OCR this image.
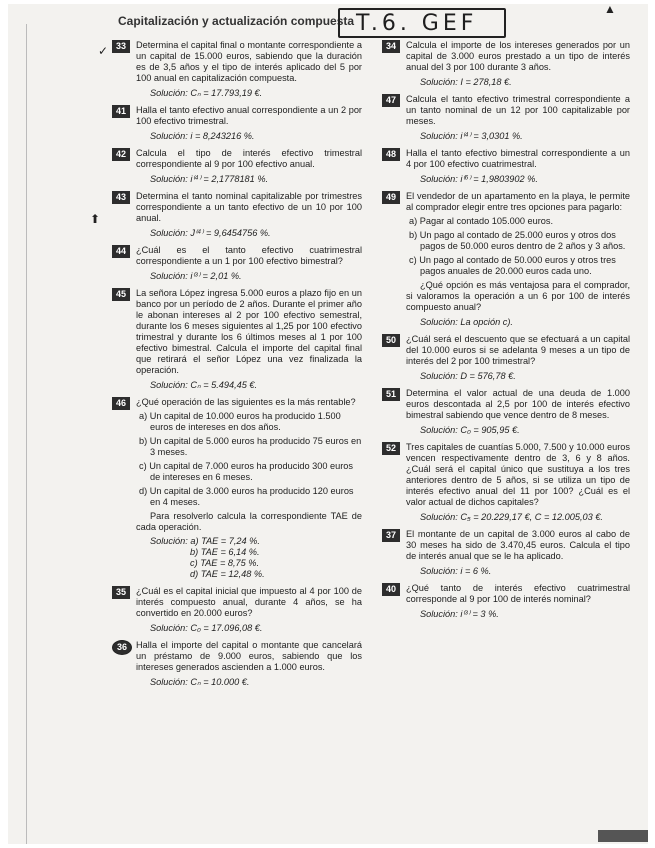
Capitalización y actualización compuesta T.6. GEF
▲
33	Determina el capital final o montante correspondiente a un capital de 15.000 euros, sabiendo que la duración es de 3,5 años y el tipo de interés aplicado del 5 por 100 anual en capitalización compuesta.
Solución: Cₙ = 17.793,19 €.
41	Halla el tanto efectivo anual correspondiente a un 2 por 100 efectivo trimestral.
Solución: i = 8,243216 %.
42	Calcula el tipo de interés efectivo trimestral correspondiente al 9 por 100 efectivo anual.
Solución: i⁽⁴⁾ = 2,1778181 %.
43	Determina el tanto nominal capitalizable por trimestres correspondiente a un tanto efectivo de un 10 por 100 anual.
Solución: J⁽⁴⁾ = 9,6454756 %.
44	¿Cuál es el tanto efectivo cuatrimestral correspondiente a un 1 por 100 efectivo bimestral?
Solución: i⁽³⁾ = 2,01 %.
45	La señora López ingresa 5.000 euros a plazo fijo en un banco por un período de 2 años. Durante el primer año le abonan intereses al 2 por 100 efectivo semestral, durante los 6 meses siguientes al 1,25 por 100 efectivo trimestral y durante los 6 últimos meses al 1 por 100 efectivo bimestral. Calcula el importe del capital final que retirará el señor López una vez finalizada la operación.
Solución: Cₙ = 5.494,45 €.
46	¿Qué operación de las siguientes es la más rentable?
a) Un capital de 10.000 euros ha producido 1.500 euros de intereses en dos años.
b) Un capital de 5.000 euros ha producido 75 euros en 3 meses.
c) Un capital de 7.000 euros ha producido 300 euros de intereses en 6 meses.
d) Un capital de 3.000 euros ha producido 120 euros en 4 meses.
Para resolverlo calcula la correspondiente TAE de cada operación.
Solución: a) TAE = 7,24 %.
b) TAE = 6,14 %.
c) TAE = 8,75 %.
d) TAE = 12,48 %.
35	¿Cuál es el capital inicial que impuesto al 4 por 100 de interés compuesto anual, durante 4 años, se ha convertido en 20.000 euros?
Solución: C₀ = 17.096,08 €.
36 Halla el importe del capital o montante que cancelará un préstamo de 9.000 euros, sabiendo que los intereses generados ascienden a 1.000 euros.
Solución: Cₙ = 10.000 €.
34	Calcula el importe de los intereses generados por un capital de 3.000 euros prestado a un tipo de interés anual del 3 por 100 durante 3 años.
Solución: I = 278,18 €.
47	Calcula el tanto efectivo trimestral correspondiente a un tanto nominal de un 12 por 100 capitalizable por meses.
Solución: i⁽⁴⁾ = 3,0301 %.
48	Halla el tanto efectivo bimestral correspondiente a un 4 por 100 efectivo cuatrimestral.
Solución: i⁽⁶⁾ = 1,9803902 %.
49	El vendedor de un apartamento en la playa, le permite al comprador elegir entre tres opciones para pagarlo:
a) Pagar al contado 105.000 euros.
b) Un pago al contado de 25.000 euros y otros dos pagos de 50.000 euros dentro de 2 años y 3 años.
c) Un pago al contado de 50.000 euros y otros tres pagos anuales de 20.000 euros cada uno.
¿Qué opción es más ventajosa para el comprador, si valoramos la operación a un 6 por 100 de interés compuesto anual?
Solución: La opción c).
50	¿Cuál será el descuento que se efectuará a un capital del 10.000 euros si se adelanta 9 meses a un tipo de interés del 2 por 100 trimestral?
Solución: D = 576,78 €.
51	Determina el valor actual de una deuda de 1.000 euros descontada al 2,5 por 100 de interés efectivo bimestral sabiendo que vence dentro de 8 meses.
Solución: C₀ = 905,95 €.
52	Tres capitales de cuantías 5.000, 7.500 y 10.000 euros vencen respectivamente dentro de 3, 6 y 8 años. ¿Cuál será el capital único que sustituya a los tres anteriores dentro de 5 años, si se utiliza un tipo de interés efectivo anual del 11 por 100? ¿Cuál es el valor actual de dichos capitales?
Solución: C₅ = 20.229,17 €, C = 12.005,03 €.
37	El montante de un capital de 3.000 euros al cabo de 30 meses ha sido de 3.470,45 euros. Calcula el tipo de interés anual que se le ha aplicado.
Solución: i = 6 %.
40	¿Qué tanto de interés efectivo cuatrimestral corresponde al 9 por 100 de interés nominal?
Solución: i⁽³⁾ = 3 %.
✓
⬆
